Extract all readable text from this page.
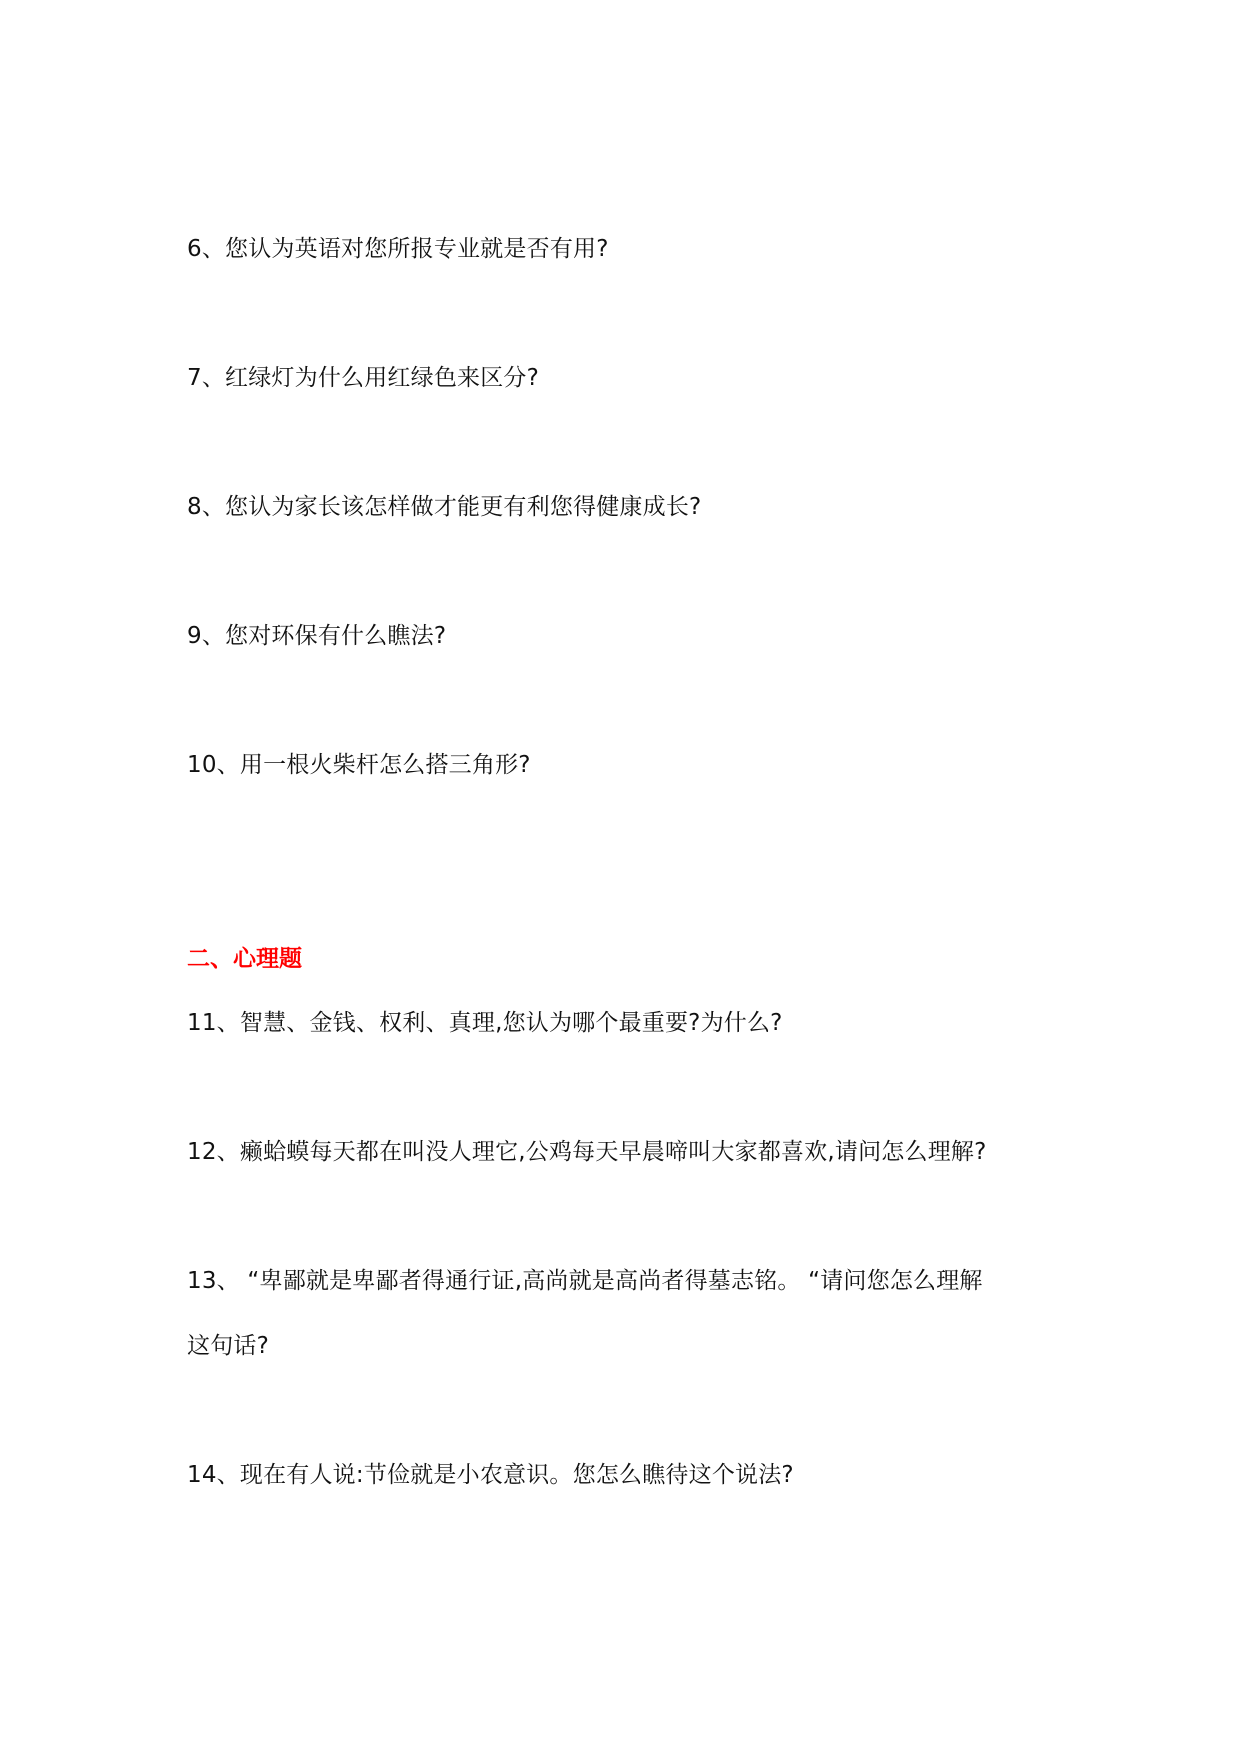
6、您认为英语对您所报专业就是否有用?
7、红绿灯为什么用红绿色来区分?
8、您认为家长该怎样做才能更有利您得健康成长?
9、您对环保有什么瞧法?
10、用一根火柴杆怎么搭三角形?
二、心理题
11、智慧、金钱、权利、真理,您认为哪个最重要?为什么?
12、癞蛤蟆每天都在叫没人理它,公鸡每天早晨啼叫大家都喜欢,请问怎么理解?
13、 “卑鄙就是卑鄙者得通行证,高尚就是高尚者得墓志铭。 “请问您怎么理解
这句话?
14、现在有人说:节俭就是小农意识。您怎么瞧待这个说法?
